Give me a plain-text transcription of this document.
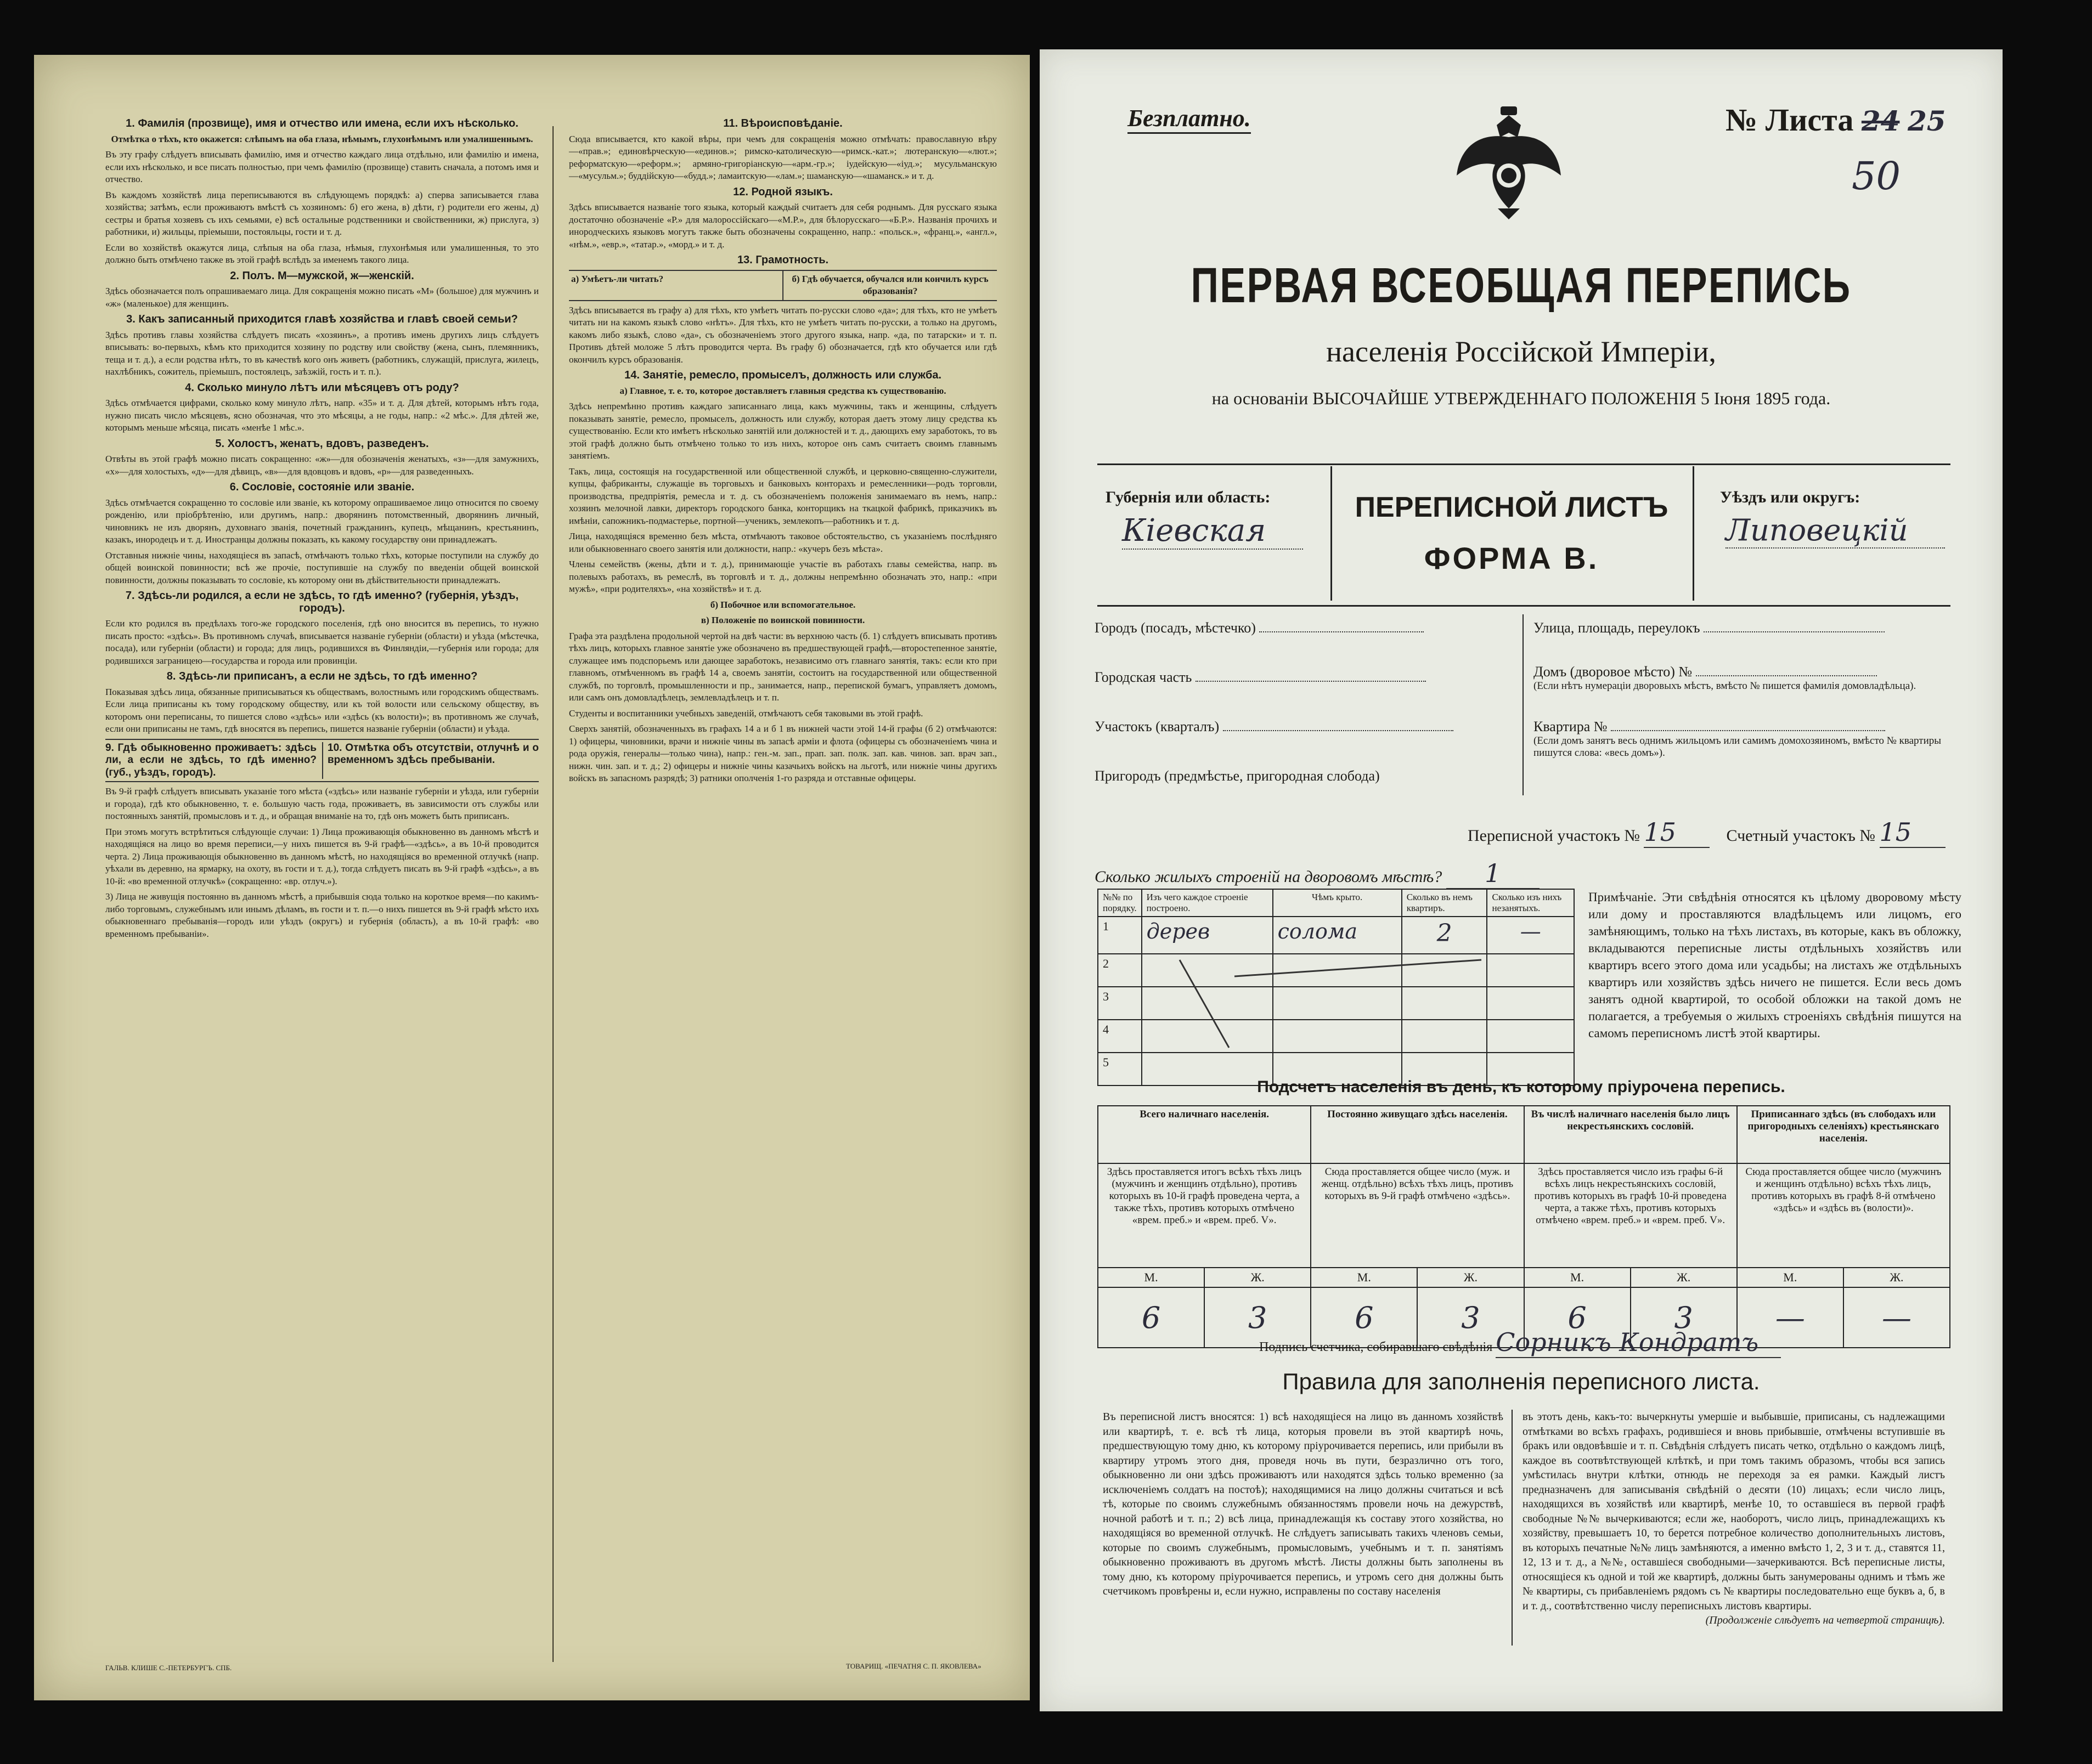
1. Фамилія (прозвище), имя и отчество или имена, если ихъ нѣсколько.

Отмѣтка о тѣхъ, кто окажется: слѣпымъ на оба глаза, нѣмымъ, глухонѣмымъ или умалишеннымъ.

Въ эту графу слѣдуетъ вписывать фамилію, имя и отчество каждаго лица отдѣльно, или фамилію и имена, если ихъ нѣсколько, и все писать полностью, при чемъ фамилію (прозвище) ставить сначала, а потомъ имя и отчество.

Въ каждомъ хозяйствѣ лица переписываются въ слѣдующемъ порядкѣ: а) сперва записывается глава хозяйства; затѣмъ, если проживаютъ вмѣстѣ съ хозяиномъ: б) его жена, в) дѣти, г) родители его жены, д) сестры и братья хозяевъ съ ихъ семьями, е) всѣ остальные родственники и свойственники, ж) прислуга, з) работники, и) жильцы, пріемыши, постояльцы, гости и т. д.

Если во хозяйствѣ окажутся лица, слѣпыя на оба глаза, нѣмыя, глухонѣмыя или умалишенныя, то это должно быть отмѣчено также въ этой графѣ вслѣдъ за именемъ такого лица.

2. Полъ. М—мужской, ж—женскій.

Здѣсь обозначается полъ опрашиваемаго лица. Для сокращенія можно писать «М» (большое) для мужчинъ и «ж» (маленькое) для женщинъ.

3. Какъ записанный приходится главѣ хозяйства и главѣ своей семьи?

Здѣсь противъ главы хозяйства слѣдуетъ писать «хозяинъ», а противъ имень другихъ лицъ слѣдуетъ вписывать: во-первыхъ, кѣмъ кто приходится хозяину по родству или свойству (жена, сынъ, племянникъ, теща и т. д.), а если родства нѣтъ, то въ качествѣ кого онъ живетъ (работникъ, служащій, прислуга, жилецъ, нахлѣбникъ, сожитель, пріемышъ, постоялецъ, заѣзжій, гость и т. п.).

4. Сколько минуло лѣтъ или мѣсяцевъ отъ роду?

Здѣсь отмѣчается цифрами, сколько кому минуло лѣтъ, напр. «35» и т. д. Для дѣтей, которымъ нѣтъ года, нужно писать число мѣсяцевъ, ясно обозначая, что это мѣсяцы, а не годы, напр.: «2 мѣс.». Для дѣтей же, которымъ меньше мѣсяца, писать «менѣе 1 мѣс.».

5. Холостъ, женатъ, вдовъ, разведенъ.

Отвѣты въ этой графѣ можно писать сокращенно: «ж»—для обозначенія женатыхъ, «з»—для замужнихъ, «х»—для холостыхъ, «д»—для дѣвицъ, «в»—для вдовцовъ и вдовъ, «р»—для разведенныхъ.

6. Сословіе, состояніе или званіе.

Здѣсь отмѣчается сокращенно то сословіе или званіе, къ которому опрашиваемое лицо относится по своему рожденію, или пріобрѣтенію, или другимъ, напр.: дворянинъ потомственный, дворянинъ личный, чиновникъ не изъ дворянъ, духовнаго званія, почетный гражданинъ, купецъ, мѣщанинъ, крестьянинъ, казакъ, инородецъ и т. д. Иностранцы должны показать, къ какому государству они принадлежатъ.

Отставныя нижніе чины, находящіеся въ запасѣ, отмѣчаютъ только тѣхъ, которые поступили на службу до общей воинской повинности; всѣ же прочіе, поступившіе на службу по введеніи общей воинской повинности, должны показывать то сословіе, къ которому они въ дѣйствительности принадлежатъ.

7. Здѣсь-ли родился, а если не здѣсь, то гдѣ именно? (губернія, уѣздъ, городъ).

Если кто родился въ предѣлахъ того-же городского поселенія, гдѣ оно вносится въ перепись, то нужно писать просто: «здѣсь». Въ противномъ случаѣ, вписывается названіе губерніи (области) и уѣзда (мѣстечка, посада), или губерніи (области) и города; для лицъ, родившихся въ Финляндіи,—губернія или города; для родившихся заграницею—государства и города или провинціи.

8. Здѣсь-ли приписанъ, а если не здѣсь, то гдѣ именно?

Показывая здѣсь лица, обязанные приписываться къ обществамъ, волостнымъ или городскимъ обществамъ. Если лица приписаны къ тому городскому обществу, или къ той волости или сельскому обществу, въ которомъ они переписаны, то пишется слово «здѣсь» или «здѣсь (къ волости)»; въ противномъ же случаѣ, если они приписаны не тамъ, гдѣ вносятся въ перепись, пишется названіе губерніи (области) и уѣзда.

9. Гдѣ обыкновенно проживаетъ: здѣсь ли, а если не здѣсь, то гдѣ именно? (губ., уѣздъ, городъ).
10. Отмѣтка объ отсутствіи, отлучнѣ и о временномъ здѣсь пребываніи.

Въ 9-й графѣ слѣдуетъ вписывать указаніе того мѣста («здѣсь» или названіе губерніи и уѣзда, или губерніи и города), гдѣ кто обыкновенно, т. е. большую часть года, проживаетъ, въ зависимости отъ службы или постоянныхъ занятій, промысловъ и т. д., и обращая вниманіе на то, гдѣ онъ можетъ быть приписанъ.

При этомъ могутъ встрѣтиться слѣдующіе случаи: 1) Лица проживающія обыкновенно въ данномъ мѣстѣ и находящіяся на лицо во время переписи,—у нихъ пишется въ 9-й графѣ—«здѣсь», а въ 10-й проводится черта. 2) Лица проживающія обыкновенно въ данномъ мѣстѣ, но находящіяся во временной отлучкѣ (напр. уѣхали въ деревню, на ярмарку, на охоту, въ гости и т. д.), тогда слѣдуетъ писать въ 9-й графѣ «здѣсь», а въ 10-й: «во временной отлучкѣ» (сокращенно: «вр. отлуч.»).

3) Лица не живущія постоянно въ данномъ мѣстѣ, а прибывшія сюда только на короткое время—по какимъ-либо торговымъ, служебнымъ или инымъ дѣламъ, въ гости и т. п.—о нихъ пишется въ 9-й графѣ мѣсто ихъ обыкновеннаго пребыванія—городъ или уѣздъ (округъ) и губернія (область), а въ 10-й графѣ: «во временномъ пребываніи».

ГАЛЬВ. КЛИШЕ С.-ПЕТЕРБУРГЪ. СПБ.
11. Вѣроисповѣданіе.

Сюда вписывается, кто какой вѣры, при чемъ для сокращенія можно отмѣчать: православную вѣру—«прав.»; единовѣрческую—«единов.»; римско-католическую—«римск.-кат.»; лютеранскую—«лют.»; реформатскую—«реформ.»; армяно-григоріанскую—«арм.-гр.»; іудейскую—«іуд.»; мусульманскую—«мусульм.»; буддійскую—«будд.»; ламаитскую—«лам.»; шаманскую—«шаманск.» и т. д.

12. Родной языкъ.

Здѣсь вписывается названіе того языка, который каждый считаетъ для себя роднымъ. Для русскаго языка достаточно обозначеніе «Р.» для малороссійскаго—«М.Р.», для бѣлорусскаго—«Б.Р.». Названія прочихъ и инородческихъ языковъ могутъ также быть обозначены сокращенно, напр.: «польск.», «франц.», «англ.», «нѣм.», «евр.», «татар.», «морд.» и т. д.

13. Грамотность.
а) Умѣетъ-ли читать?	б) Гдѣ обучается, обучался или кончилъ курсъ образованія?

Здѣсь вписывается въ графу а) для тѣхъ, кто умѣетъ читать по-русски слово «да»; для тѣхъ, кто не умѣетъ читать ни на какомъ языкѣ слово «нѣтъ». Для тѣхъ, кто не умѣетъ читать по-русски, а только на другомъ, какомъ либо языкѣ, слово «да», съ обозначеніемъ этого другого языка, напр. «да, по татарски» и т. п. Противъ дѣтей моложе 5 лѣтъ проводится черта. Въ графу б) обозначается, гдѣ кто обучается или гдѣ окончилъ курсъ образованія.

14. Занятіе, ремесло, промыселъ, должность или служба.

а) Главное, т. е. то, которое доставляетъ главныя средства къ существованію.

Здѣсь непремѣнно противъ каждаго записаннаго лица, какъ мужчины, такъ и женщины, слѣдуетъ показывать занятіе, ремесло, промыселъ, должность или службу, которая даетъ этому лицу средства къ существованію. Если кто имѣетъ нѣсколько занятій или должностей и т. д., дающихъ ему заработокъ, то въ этой графѣ должно быть отмѣчено только то изъ нихъ, которое онъ самъ считаетъ своимъ главнымъ занятіемъ.

Такъ, лица, состоящія на государственной или общественной службѣ, и церковно-священно-служители, купцы, фабриканты, служащіе въ торговыхъ и банковыхъ конторахъ и ремесленники—родъ торговли, производства, предпріятія, ремесла и т. д. съ обозначеніемъ положенія занимаемаго въ немъ, напр.: хозяинъ мелочной лавки, директоръ городского банка, конторщикъ на ткацкой фабрикѣ, приказчикъ въ имѣніи, сапожникъ-подмастерье, портной—ученикъ, землекопъ—работникъ и т. д.

Лица, находящіяся временно безъ мѣста, отмѣчаютъ таковое обстоятельство, съ указаніемъ послѣдняго или обыкновеннаго своего занятія или должности, напр.: «кучеръ безъ мѣста».

Члены семействъ (жены, дѣти и т. д.), принимающіе участіе въ работахъ главы семейства, напр. въ полевыхъ работахъ, въ ремеслѣ, въ торговлѣ и т. д., должны непремѣнно обозначать это, напр.: «при мужѣ», «при родителяхъ», «на хозяйствѣ» и т. д.

б) Побочное или вспомогательное.

в) Положеніе по воинской повинности.

Графа эта раздѣлена продольной чертой на двѣ части: въ верхнюю часть (б. 1) слѣдуетъ вписывать противъ тѣхъ лицъ, которыхъ главное занятіе уже обозначено въ предшествующей графѣ,—второстепенное занятіе, служащее имъ подспорьемъ или дающее заработокъ, независимо отъ главнаго занятія, такъ: если кто при главномъ, отмѣченномъ въ графѣ 14 а, своемъ занятіи, состоитъ на государственной или общественной службѣ, по торговлѣ, промышленности и пр., занимается, напр., перепиской бумагъ, управляетъ домомъ, или самъ онъ домовладѣлецъ, землевладѣлецъ и т. п.

Студенты и воспитанники учебныхъ заведеній, отмѣчаютъ себя таковыми въ этой графѣ.

Сверхъ занятій, обозначенныхъ въ графахъ 14 а и б 1 въ нижней части этой 14-й графы (б 2) отмѣчаются: 1) офицеры, чиновники, врачи и нижніе чины въ запасѣ арміи и флота (офицеры съ обозначеніемъ чина и рода оружія, генералы—только чина), напр.: ген.-м. зап., прап. зап. полк. зап. кав. чинов. зап. врач зап., нижн. чин. зап. и т. д.; 2) офицеры и нижніе чины казачьихъ войскъ на льготѣ, или нижніе чины другихъ войскъ въ запасномъ разрядѣ; 3) ратники ополченія 1-го разряда и отставные офицеры.

ТОВАРИЩ. «ПЕЧАТНЯ С. П. ЯКОВЛЕВА»
Безплатно.	№ Листа 24 25
50
ПЕРВАЯ ВСЕОБЩАЯ ПЕРЕПИСЬ
населенія Россійской Имперіи,
на основаніи ВЫСОЧАЙШЕ УТВЕРЖДЕННАГО ПОЛОЖЕНІЯ 5 Іюня 1895 года.
Губернія или область:
Кіевская
ПЕРЕПИСНОЙ ЛИСТЪ
ФОРМА В.
Уѣздъ или округъ:
Липовецкій
Городъ (посадъ, мѣстечко)
Городская часть
Участокъ (кварталъ)
Пригородъ (предмѣстье, пригородная слобода)
Улица, площадь, переулокъ
Домъ (дворовое мѣсто) №
(Если нѣтъ нумераціи дворовыхъ мѣстъ, вмѣсто № пишется фамилія домовладѣльца).
Квартира №
(Если домъ занятъ весь однимъ жильцомъ или самимъ домохозяиномъ, вмѣсто № квартиры пишутся слова: «весь домъ»).
Переписной участокъ № 15	Счетный участокъ № 15
Сколько жилыхъ строеній на дворовомъ мѣстѣ? 1
№№ по порядку.	Изъ чего каждое строеніе построено.	Чѣмъ крыто.	Сколько въ немъ квартиръ.	Сколько изъ нихъ незанятыхъ.
1	дерев	солома	2	—
2				
3				
4				
5				
Примѣчаніе. Эти свѣдѣнія относятся къ цѣлому дворовому мѣсту или дому и проставляются владѣльцемъ или лицомъ, его замѣняющимъ, только на тѣхъ листахъ, въ которые, какъ въ обложку, вкладываются переписные листы отдѣльныхъ хозяйствъ или квартиръ всего этого дома или усадьбы; на листахъ же отдѣльныхъ квартиръ или хозяйствъ здѣсь ничего не пишется. Если весь домъ занятъ одной квартирой, то особой обложки на такой домъ не полагается, а требуемыя о жилыхъ строеніяхъ свѣдѣнія пишутся на самомъ переписномъ листѣ этой квартиры.
Подсчетъ населенія въ день, къ которому пріурочена перепись.
Всего наличнаго населенія.		Постоянно живущаго здѣсь населенія.		Въ числѣ наличнаго населенія было лицъ некрестьянскихъ сословій.		Приписаннаго здѣсь (въ слободахъ или пригородныхъ селеніяхъ) крестьянскаго населенія.	
Здѣсь проставляется итогъ всѣхъ тѣхъ лицъ (мужчинъ и женщинъ отдѣльно), противъ которыхъ въ 10-й графѣ проведена черта, а также тѣхъ, противъ которыхъ отмѣчено «врем. преб.» и «врем. преб. V».		Сюда проставляется общее число (муж. и женщ. отдѣльно) всѣхъ тѣхъ лицъ, противъ которыхъ въ 9-й графѣ отмѣчено «здѣсь».		Здѣсь проставляется число изъ графы 6-й всѣхъ лицъ некрестьянскихъ сословій, противъ которыхъ въ графѣ 10-й проведена черта, а также тѣхъ, противъ которыхъ отмѣчено «врем. преб.» и «врем. преб. V».		Сюда проставляется общее число (мужчинъ и женщинъ отдѣльно) всѣхъ тѣхъ лицъ, противъ которыхъ въ графѣ 8-й отмѣчено «здѣсь» и «здѣсь въ (волости)».	
М.	Ж.	М.	Ж.	М.	Ж.	М.	Ж.
6	3	6	3	6	3	—	—
Подпись счетчика, собиравшаго свѣдѣнія Сорникъ Кондратъ
Правила для заполненія переписного листа.
Въ переписной листъ вносятся: 1) всѣ находящіеся на лицо въ данномъ хозяйствѣ или квартирѣ, т. е. всѣ тѣ лица, которыя провели въ этой квартирѣ ночь, предшествующую тому дню, къ которому пріурочивается перепись, или прибыли въ квартиру утромъ этого дня, проведя ночь въ пути, безразлично отъ того, обыкновенно ли они здѣсь проживаютъ или находятся здѣсь только временно (за исключеніемъ солдатъ на постоѣ); находящимися на лицо должны считаться и всѣ тѣ, которые по своимъ служебнымъ обязанностямъ провели ночь на дежурствѣ, ночной работѣ и т. п.; 2) всѣ лица, принадлежащія къ составу этого хозяйства, но находящіяся во временной отлучкѣ. Не слѣдуетъ записывать такихъ членовъ семьи, которые по своимъ служебнымъ, промысловымъ, учебнымъ и т. п. занятіямъ обыкновенно проживаютъ въ другомъ мѣстѣ. Листы должны быть заполнены въ тому дню, къ которому пріурочивается перепись, и утромъ сего дня должны быть счетчикомъ провѣрены и, если нужно, исправлены по составу населенія
въ этотъ день, какъ-то: вычеркнуты умершіе и выбывшіе, приписаны, съ надлежащими отмѣтками во всѣхъ графахъ, родившіеся и вновь прибывшіе, отмѣчены вступившіе въ бракъ или овдовѣвшіе и т. п. Свѣдѣнія слѣдуетъ писать четко, отдѣльно о каждомъ лицѣ, каждое въ соотвѣтствующей клѣткѣ, и при томъ такимъ образомъ, чтобы вся запись умѣстилась внутри клѣтки, отнюдь не переходя за ея рамки. Каждый листъ предназначенъ для записыванія свѣдѣній о десяти (10) лицахъ; если число лицъ, находящихся въ хозяйствѣ или квартирѣ, менѣе 10, то оставшіеся въ первой графѣ свободные №№ вычеркиваются; если же, наоборотъ, число лицъ, принадлежащихъ къ хозяйству, превышаетъ 10, то берется потребное количество дополнительныхъ листовъ, въ которыхъ печатные №№ лицъ замѣняются, а именно вмѣсто 1, 2, 3 и т. д., ставятся 11, 12, 13 и т. д., а №№, оставшіеся свободными—зачеркиваются. Всѣ переписные листы, относящіеся къ одной и той же квартирѣ, должны быть занумерованы однимъ и тѣмъ же № квартиры, съ прибавленіемъ рядомъ съ № квартиры последовательно еще буквъ а, б, в и т. д., соотвѣтственно числу переписныхъ листовъ квартиры.
(Продолженіе слѣдуетъ на четвертой страницѣ).
